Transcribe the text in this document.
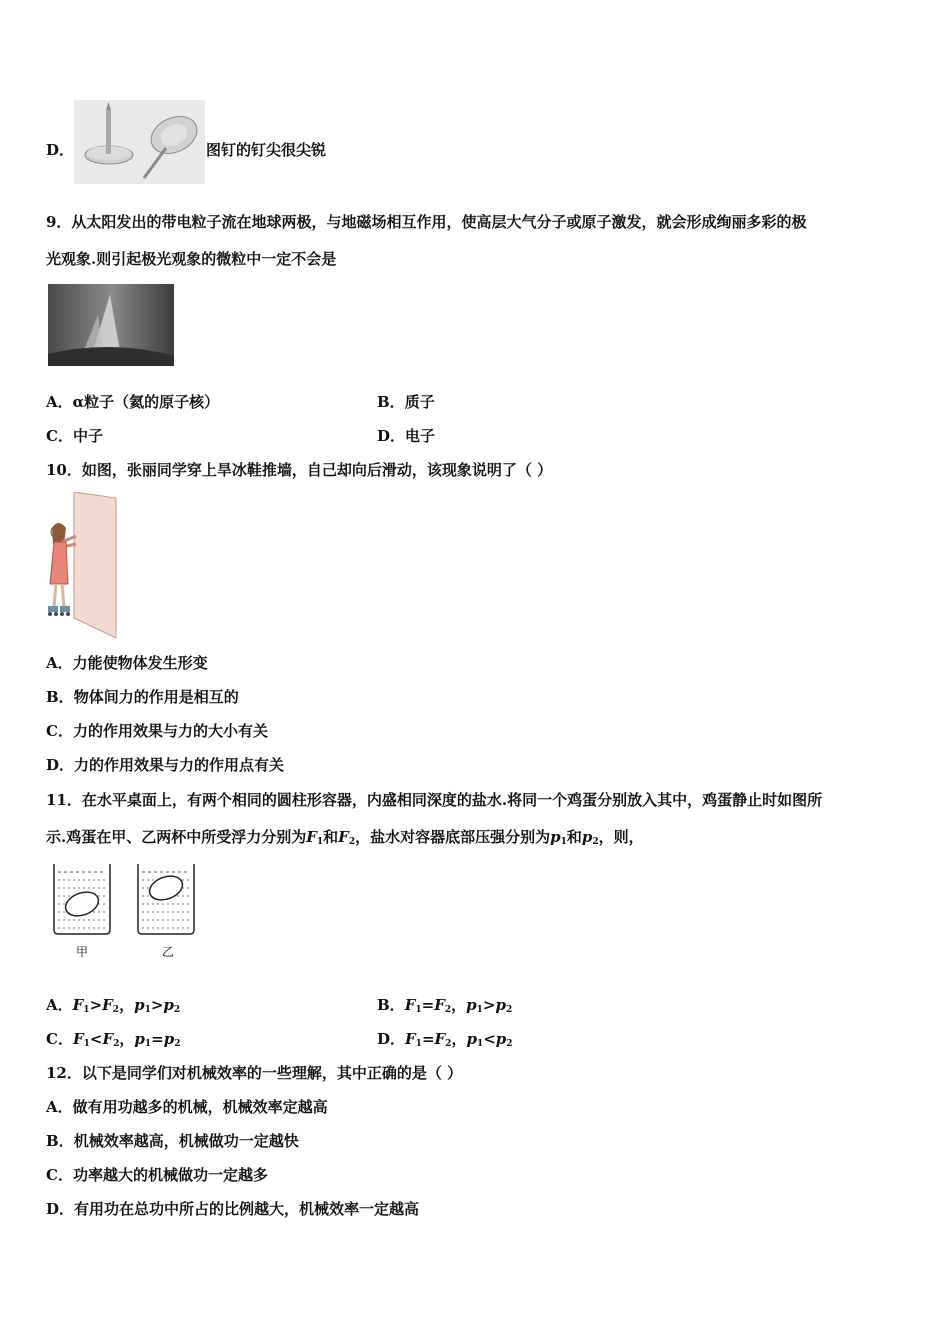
D．	图钉的钉尖很尖锐
9．从太阳发出的带电粒子流在地球两极，与地磁场相互作用，使高层大气分子或原子激发，就会形成绚丽多彩的极
光观象.则引起极光观象的微粒中一定不会是
A．α粒子（氦的原子核）	B．质子
C．中子	D．电子
10．如图，张丽同学穿上旱冰鞋推墙，自己却向后滑动，该现象说明了（ ）
A．力能使物体发生形变
B．物体间力的作用是相互的
C．力的作用效果与力的大小有关
D．力的作用效果与力的作用点有关
11．在水平桌面上，有两个相同的圆柱形容器，内盛相同深度的盐水.将同一个鸡蛋分别放入其中，鸡蛋静止时如图所
示.鸡蛋在甲、乙两杯中所受浮力分别为$F_1$和$F_2$，盐水对容器底部压强分别为$p_1$和$p_2$，则，
甲	乙
A．$F_1>F_2$，$p_1>p_2$	B．$F_1=F_2$，$p_1>p_2$
C．$F_1<F_2$，$p_1=p_2$	D．$F_1=F_2$，$p_1<p_2$
12．以下是同学们对机械效率的一些理解，其中正确的是（ ）
A．做有用功越多的机械，机械效率定越高
B．机械效率越高，机械做功一定越快
C．功率越大的机械做功一定越多
D．有用功在总功中所占的比例越大，机械效率一定越高
